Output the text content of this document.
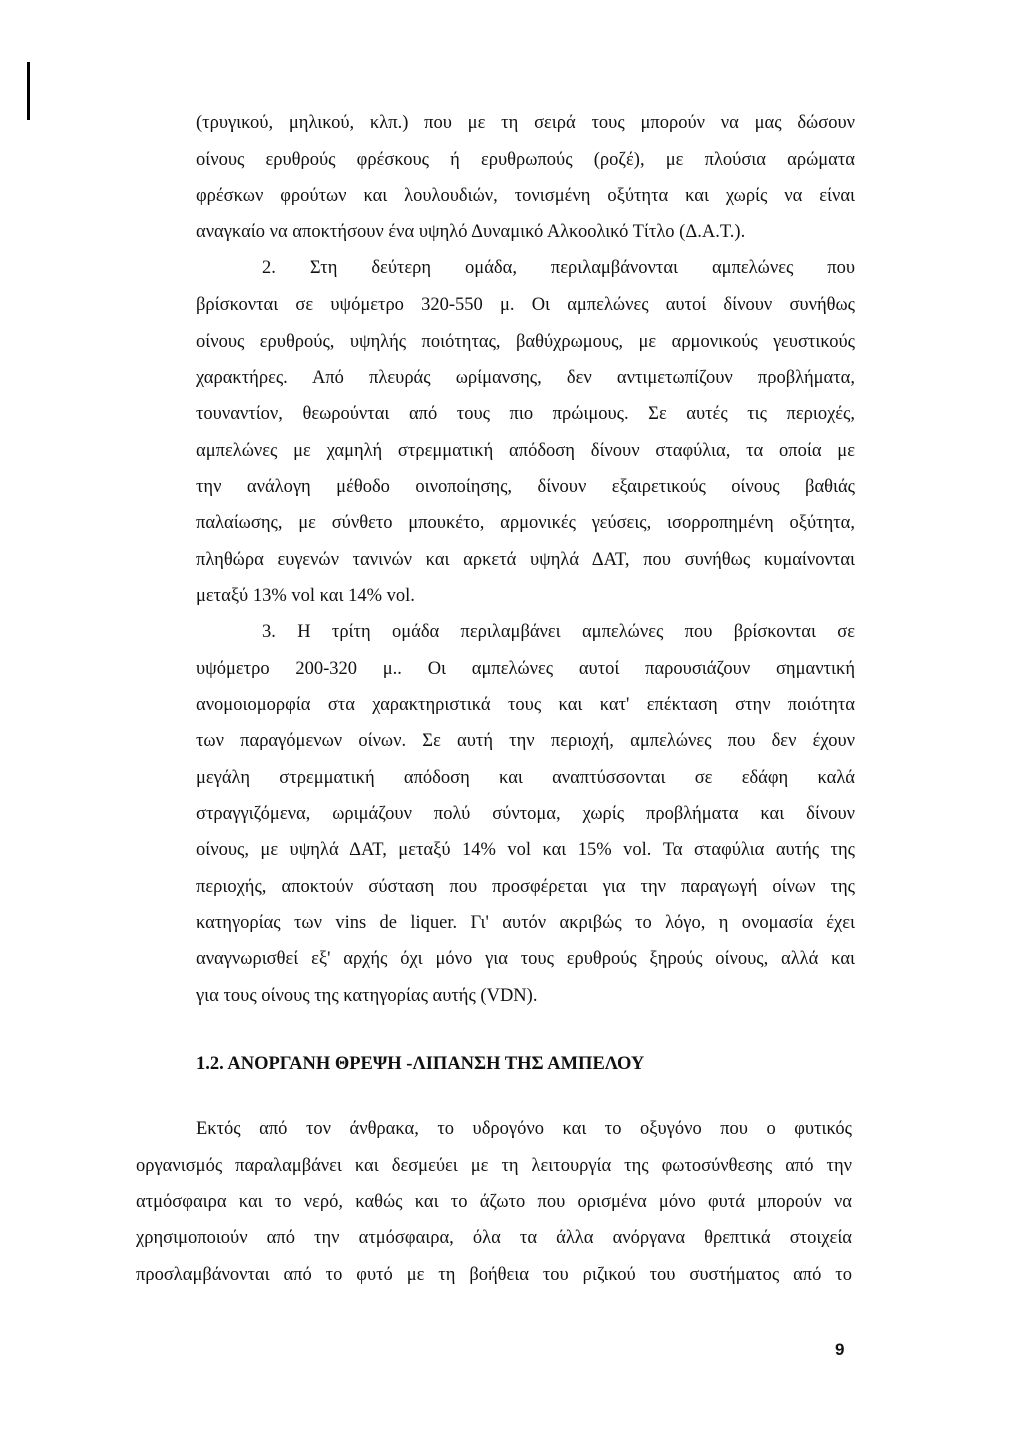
(τρυγικού, μηλικού, κλπ.) που με τη σειρά τους μπορούν να μας δώσουν
οίνους ερυθρούς φρέσκους ή ερυθρωπούς (ροζέ), με πλούσια αρώματα
φρέσκων φρούτων και λουλουδιών, τονισμένη οξύτητα και χωρίς να είναι
αναγκαίο να αποκτήσουν ένα υψηλό Δυναμικό Αλκοολικό Τίτλο (Δ.Α.Τ.).
2. Στη δεύτερη ομάδα, περιλαμβάνονται αμπελώνες που
βρίσκονται σε υψόμετρο 320-550 μ. Οι αμπελώνες αυτοί δίνουν συνήθως
οίνους ερυθρούς, υψηλής ποιότητας, βαθύχρωμους, με αρμονικούς γευστικούς
χαρακτήρες. Από πλευράς ωρίμανσης, δεν αντιμετωπίζουν προβλήματα,
τουναντίον, θεωρούνται από τους πιο πρώιμους. Σε αυτές τις περιοχές,
αμπελώνες με χαμηλή στρεμματική απόδοση δίνουν σταφύλια, τα οποία με
την ανάλογη μέθοδο οινοποίησης, δίνουν εξαιρετικούς οίνους βαθιάς
παλαίωσης, με σύνθετο μπουκέτο, αρμονικές γεύσεις, ισορροπημένη οξύτητα,
πληθώρα ευγενών τανινών και αρκετά υψηλά ΔΑΤ, που συνήθως κυμαίνονται
μεταξύ 13% vol και 14% vol.
3. Η τρίτη ομάδα περιλαμβάνει αμπελώνες που βρίσκονται σε
υψόμετρο 200-320 μ.. Οι αμπελώνες αυτοί παρουσιάζουν σημαντική
ανομοιομορφία στα χαρακτηριστικά τους και κατ' επέκταση στην ποιότητα
των παραγόμενων οίνων. Σε αυτή την περιοχή, αμπελώνες που δεν έχουν
μεγάλη στρεμματική απόδοση και αναπτύσσονται σε εδάφη καλά
στραγγιζόμενα, ωριμάζουν πολύ σύντομα, χωρίς προβλήματα και δίνουν
οίνους, με υψηλά ΔΑΤ, μεταξύ 14% vol και 15% vol. Τα σταφύλια αυτής της
περιοχής, αποκτούν σύσταση που προσφέρεται για την παραγωγή οίνων της
κατηγορίας των vins de liquer. Γι' αυτόν ακριβώς το λόγο, η ονομασία έχει
αναγνωρισθεί εξ' αρχής όχι μόνο για τους ερυθρούς ξηρούς οίνους, αλλά και
για τους οίνους της κατηγορίας αυτής (VDN).
1.2. ΑΝΟΡΓΑΝΗ ΘΡΕΨΗ -ΛΙΠΑΝΣΗ ΤΗΣ ΑΜΠΕΛΟΥ
Εκτός από τον άνθρακα, το υδρογόνο και το οξυγόνο που ο φυτικός
οργανισμός παραλαμβάνει και δεσμεύει με τη λειτουργία της φωτοσύνθεσης από την
ατμόσφαιρα και το νερό, καθώς και το άζωτο που ορισμένα μόνο φυτά μπορούν να
χρησιμοποιούν από την ατμόσφαιρα, όλα τα άλλα ανόργανα θρεπτικά στοιχεία
προσλαμβάνονται από το φυτό με τη βοήθεια του ριζικού του συστήματος από το
9
